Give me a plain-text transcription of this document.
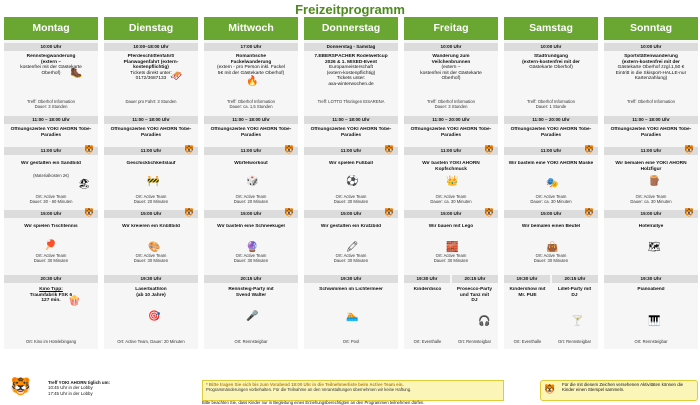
Freizeitprogramm
Montag
10:00 Uhr
Rennsteigwanderung
(extern –
kostenfrei mit der Gästekarte
Oberhof)
Treff: Oberhof Information
Dauer: 3 Stunden
11:00 – 18:00 Uhr
Öffnungszeiten YOKI AHORN Tobe-Paradies
11:00 Uhr	🐯
Wir gestalten ein Sandbild
(Materialkosten 2€)
Ort: Active Team
Dauer: 30 - 60 Minuten
15:00 Uhr	🐯
Wir spielen Tischtennis
Ort: Active Team
Dauer: 30 Minuten
20:30 Uhr
Kino Tipp:
Traumfabrik FSK 6
127 min.
Ort: Kino im Hotelebingang
Dienstag
10:00–18:00 Uhr
Pferdeschlittenfahrt/
Planwagenfahrt (extern-kostenpflichtig)
Tickets direkt unter:
0172/3687133
Dauer pro Fahrt: 3 Stunden
11:00 – 18:00 Uhr
Öffnungszeiten YOKI AHORN Tobe-Paradies
11:00 Uhr	🐯
Geschicklichkeitslauf
Ort: Active Team
Dauer: 20 Minuten
15:00 Uhr	🐯
Wir kreieren ein Knüllbild
Ort: Active Team
Dauer: 30 Minuten
19:30 Uhr
Laserbiathlon
(ab 10 Jahre)
Ort: Active Team, Dauer: 20 Minuten
Mittwoch
17:00 Uhr
Romantische
Fackelwanderung
(extern - pro Person inkl. Fackel
5€ mit der Gästekarte Oberhof)
Treff: Oberhof Information
Dauer: ca. 1,5 Stunden
11:00 – 18:00 Uhr
Öffnungszeiten YOKI AHORN Tobe-Paradies
11:00 Uhr	🐯
Würfelworkout
Ort: Active Team
Dauer: 20 Minuten
15:00 Uhr	🐯
Wir basteln eine Schneekugel
Ort: Active Team
Dauer: 30 Minuten
20:15 Uhr
Rennsteig-Party mit
Svend Walter
Ort: Rennsteigbar
Donnerstag
Donnerstag - Samstag
7.EBERSPÄCHER Rodelweltcup
2026 & 1. MIXED-Event
Europameisterschaft
(extern-kostenpflichtig)
Tickets unter:
axa-winterwochen.de
Treff: LOTTO Thüringen EISARENA
11:00 – 18:00 Uhr
Öffnungszeiten YOKI AHORN Tobe-Paradies
11:00 Uhr	🐯
Wir spielen Fußball
Ort: Active Team
Dauer: 30 Minuten
15:00 Uhr	🐯
Wir gestalten ein Kratzbild
Ort: Active Team
Dauer: 30 Minuten
19:30 Uhr
Schwimmen im Lichtermeer
Ort: Pool
Freitag
10:00 Uhr
Wanderung zum
Veilchenbrunnen
(extern –
kostenfrei mit der Gästekarte
Oberhof)
Treff: Oberhof Information
Dauer: 3 Stunden
11:00 – 20:00 Uhr
Öffnungszeiten YOKI AHORN Tobe-Paradies
11:00 Uhr	🐯
Wir basteln YOKI AHORN Kopfschmuck
Ort: Active Team
Dauer: ca. 30 Minuten
15:00 Uhr	🐯
Wir bauen mit Lego
Ort: Active Team
Dauer: 30 Minuten
19:30 Uhr	20:15 Uhr
Kinderdisco	Prosecco-Party
und Tanz mit
DJ
Ort: Eventhalle	Ort: Rennsteigbar
Samstag
10:00 Uhr
Stadtrundgang
(extern-kostenfrei mit der
Gästekarte Oberhof)
Treff: Oberhof Information
Dauer: 1 Stunde
11:00 – 20:00 Uhr
Öffnungszeiten YOKI AHORN Tobe-Paradies
11:00 Uhr	🐯
Wir basteln eine YOKI AHORN Maske
Ort: Active Team
Dauer: ca. 30 Minuten
15:00 Uhr	🐯
Wir bemalen einen Beutel
Ort: Active Team
Dauer: 30 Minuten
19:30 Uhr	20:15 Uhr
Kindershow mit
Mr. PUE
Lillet-Party mit
DJ
Ort: Eventhalle	Ort: Rennsteigbar
Sonntag
10:00 Uhr
Sportstättenwanderung
(extern-kostenfrei mit der
Gästekarte Oberhof zzgl.1,50 €
Eintritt in die Skisport-HALLE-nur
Kartenzahlung)
Treff: Oberhof Information
11:00 – 18:00 Uhr
Öffnungszeiten YOKI AHORN Tobe-Paradies
11:00 Uhr	🐯
Wir bemalen eine YOKI AHORN Holzfigur
Ort: Active Team
Dauer: ca. 30 Minuten
15:00 Uhr	🐯
Hotelrallye
19:30 Uhr
Pianoabend
Ort: Rennsteigbar
🐯	Treff YOKI AHORN tiglich um:
10:45 Uhr in der Lobby
17:45 Uhr in der Lobby
* Bitte tragen Sie sich bis zum Vorabend 18:00 Uhr in die Teilnehmerliste beim Active Team ein.
Programmänderungen vorbehalten. Für die Teilnahme an den Veranstaltungen übernehmen wir keine Haftung.
Bitte beachten Sie, dass Kinder nur in Begleitung eines Erziehungsberechtigten an den Programmen teilnehmen dürfen.
🐯 Für die mit diesem Zeichen versehenen Aktivitäten können die Kinder einen Stempel sammeln.
🥾
🏖
🏓
🍿
🛷
🚧
🎨
🎯
🔥
🎲
🔮
🎤
⚽
🖍
🏊
👑
🧱
🎧
🎭
👜
🍸
🪵
🗺
🎹
